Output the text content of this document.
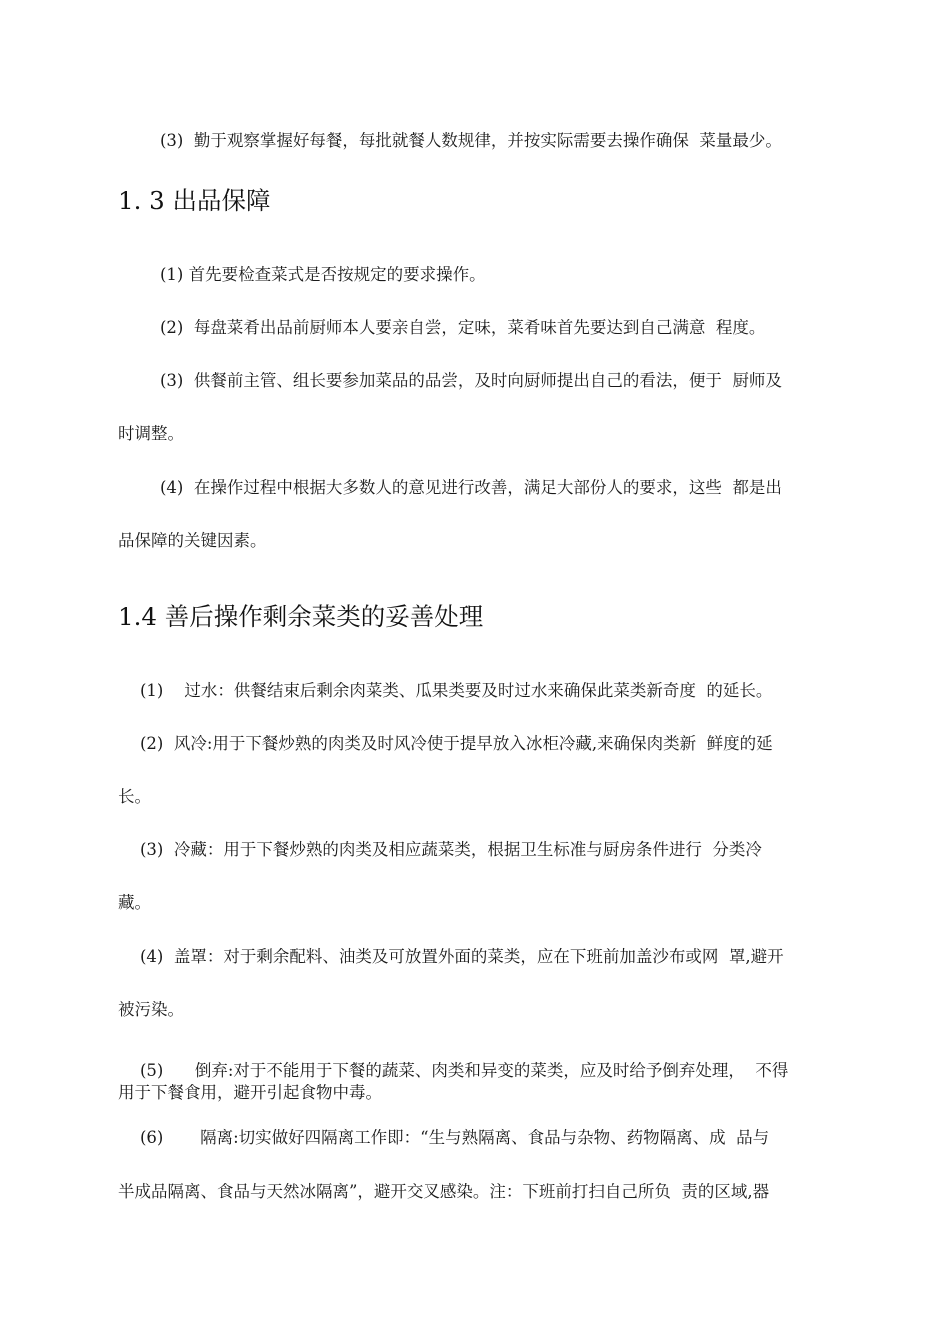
(3)  勤于观察掌握好每餐，每批就餐人数规律，并按实际需要去操作确保  菜量最少。

1. 3 出品保障

(1) 首先要检查菜式是否按规定的要求操作。

(2)  每盘菜肴出品前厨师本人要亲自尝，定味，菜肴味首先要达到自己满意  程度。

(3)  供餐前主管、组长要参加菜品的品尝，及时向厨师提出自己的看法，便于  厨师及

时调整。

(4)  在操作过程中根据大多数人的意见进行改善，满足大部份人的要求，这些  都是出

品保障的关键因素。

1.4 善后操作剩余菜类的妥善处理

(1)    过水：供餐结束后剩余肉菜类、瓜果类要及时过水来确保此菜类新奇度  的延长。

(2)  风冷:用于下餐炒熟的肉类及时风冷使于提早放入冰柜冷藏,来确保肉类新  鲜度的延

长。

(3)  冷藏：用于下餐炒熟的肉类及相应蔬菜类，根据卫生标准与厨房条件进行  分类冷

藏。

(4)  盖罩：对于剩余配料、油类及可放置外面的菜类，应在下班前加盖沙布或网  罩,避开

被污染。

(5)      倒弃:对于不能用于下餐的蔬菜、肉类和异变的菜类，应及时给予倒弃处理，  不得

用于下餐食用，避开引起食物中毒。

(6)       隔离:切实做好四隔离工作即：“生与熟隔离、食品与杂物、药物隔离、成  品与

半成品隔离、食品与天然冰隔离”，避开交叉感染。注：下班前打扫自己所负  责的区域,器
